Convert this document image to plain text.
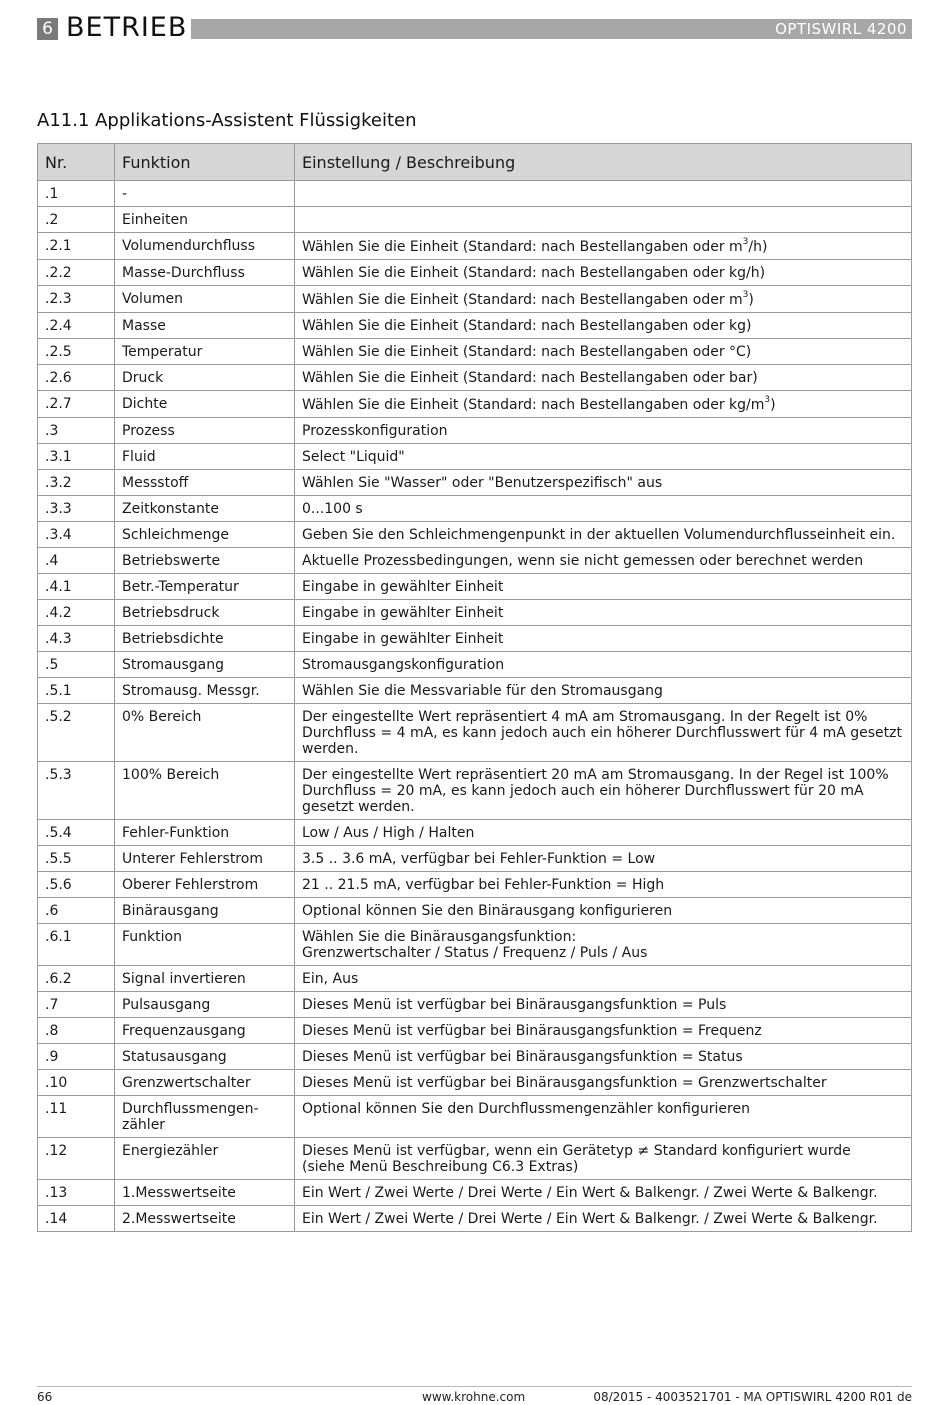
6 BETRIEB	OPTISWIRL 4200
A11.1 Applikations-Assistent Flüssigkeiten
Nr.	Funktion	Einstellung / Beschreibung
.1	-	
.2	Einheiten	
.2.1	Volumendurchfluss	Wählen Sie die Einheit (Standard: nach Bestellangaben oder $m^3/h$)
.2.2	Masse-Durchfluss	Wählen Sie die Einheit (Standard: nach Bestellangaben oder kg/h)
.2.3	Volumen	Wählen Sie die Einheit (Standard: nach Bestellangaben oder $m^3$)
.2.4	Masse	Wählen Sie die Einheit (Standard: nach Bestellangaben oder kg)
.2.5	Temperatur	Wählen Sie die Einheit (Standard: nach Bestellangaben oder °C)
.2.6	Druck	Wählen Sie die Einheit (Standard: nach Bestellangaben oder bar)
.2.7	Dichte	Wählen Sie die Einheit (Standard: nach Bestellangaben oder $kg/m^3$)
.3	Prozess	Prozesskonfiguration
.3.1	Fluid	Select "Liquid"
.3.2	Messstoff	Wählen Sie "Wasser" oder "Benutzerspezifisch" aus
.3.3	Zeitkonstante	0...100 s
.3.4	Schleichmenge	Geben Sie den Schleichmengenpunkt in der aktuellen Volumendurchflusseinheit ein.
.4	Betriebswerte	Aktuelle Prozessbedingungen, wenn sie nicht gemessen oder berechnet werden
.4.1	Betr.-Temperatur	Eingabe in gewählter Einheit
.4.2	Betriebsdruck	Eingabe in gewählter Einheit
.4.3	Betriebsdichte	Eingabe in gewählter Einheit
.5	Stromausgang	Stromausgangskonfiguration
.5.1	Stromausg. Messgr.	Wählen Sie die Messvariable für den Stromausgang
.5.2	0% Bereich	Der eingestellte Wert repräsentiert 4 mA am Stromausgang. In der Regelt ist 0% Durchfluss = 4 mA, es kann jedoch auch ein höherer Durchflusswert für 4 mA gesetzt werden.
.5.3	100% Bereich	Der eingestellte Wert repräsentiert 20 mA am Stromausgang. In der Regel ist 100% Durchfluss = 20 mA, es kann jedoch auch ein höherer Durchflusswert für 20 mA gesetzt werden.
.5.4	Fehler-Funktion	Low / Aus / High / Halten
.5.5	Unterer Fehlerstrom	3.5 .. 3.6 mA, verfügbar bei Fehler-Funktion = Low
.5.6	Oberer Fehlerstrom	21 .. 21.5 mA, verfügbar bei Fehler-Funktion = High
.6	Binärausgang	Optional können Sie den Binärausgang konfigurieren
.6.1	Funktion	Wählen Sie die Binärausgangsfunktion:
Grenzwertschalter / Status / Frequenz / Puls / Aus
.6.2	Signal invertieren	Ein, Aus
.7	Pulsausgang	Dieses Menü ist verfügbar bei Binärausgangsfunktion = Puls
.8	Frequenzausgang	Dieses Menü ist verfügbar bei Binärausgangsfunktion = Frequenz
.9	Statusausgang	Dieses Menü ist verfügbar bei Binärausgangsfunktion = Status
.10	Grenzwertschalter	Dieses Menü ist verfügbar bei Binärausgangsfunktion = Grenzwertschalter
.11	Durchflussmengen-
zähler	Optional können Sie den Durchflussmengenzähler konfigurieren
.12	Energiezähler	Dieses Menü ist verfügbar, wenn ein Gerätetyp ≠ Standard konfiguriert wurde
(siehe Menü Beschreibung C6.3 Extras)
.13	1.Messwertseite	Ein Wert / Zwei Werte / Drei Werte / Ein Wert & Balkengr. / Zwei Werte & Balkengr.
.14	2.Messwertseite	Ein Wert / Zwei Werte / Drei Werte / Ein Wert & Balkengr. / Zwei Werte & Balkengr.
66	www.krohne.com	08/2015 - 4003521701 - MA OPTISWIRL 4200 R01 de
